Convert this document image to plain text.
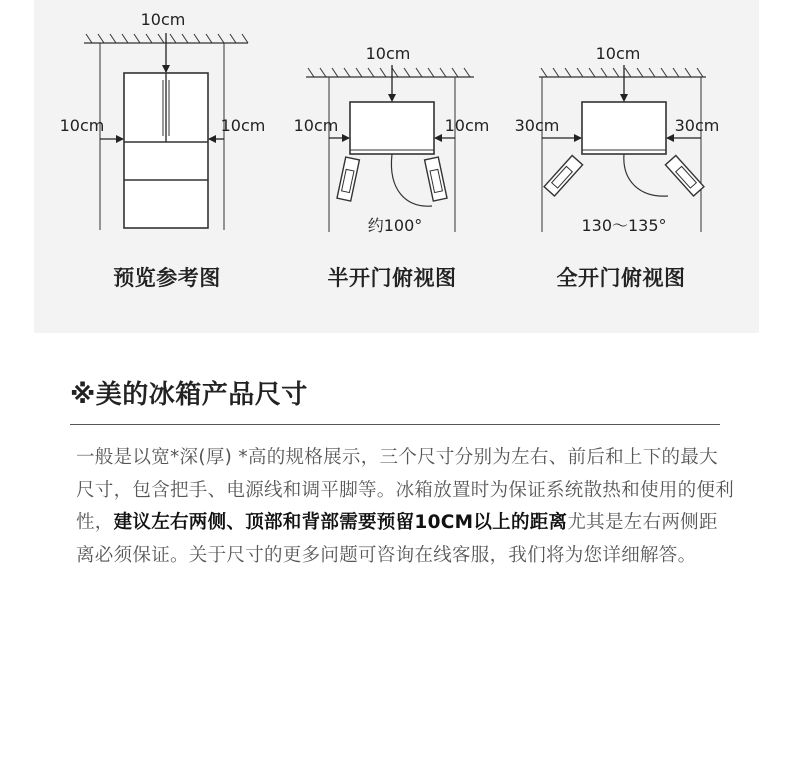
10cm
10cm	10cm
10cm
10cm	10cm
约100°
10cm
30cm	30cm
130～135°
预览参考图	半开门俯视图	全开门俯视图
※美的冰箱产品尺寸

一般是以宽*深(厚) *高的规格展示，三个尺寸分别为左右、前后和上下的最大尺寸，包含把手、电源线和调平脚等。冰箱放置时为保证系统散热和使用的便利性，建议左右两侧、顶部和背部需要预留10CM以上的距离尤其是左右两侧距离必须保证。关于尺寸的更多问题可咨询在线客服，我们将为您详细解答。
